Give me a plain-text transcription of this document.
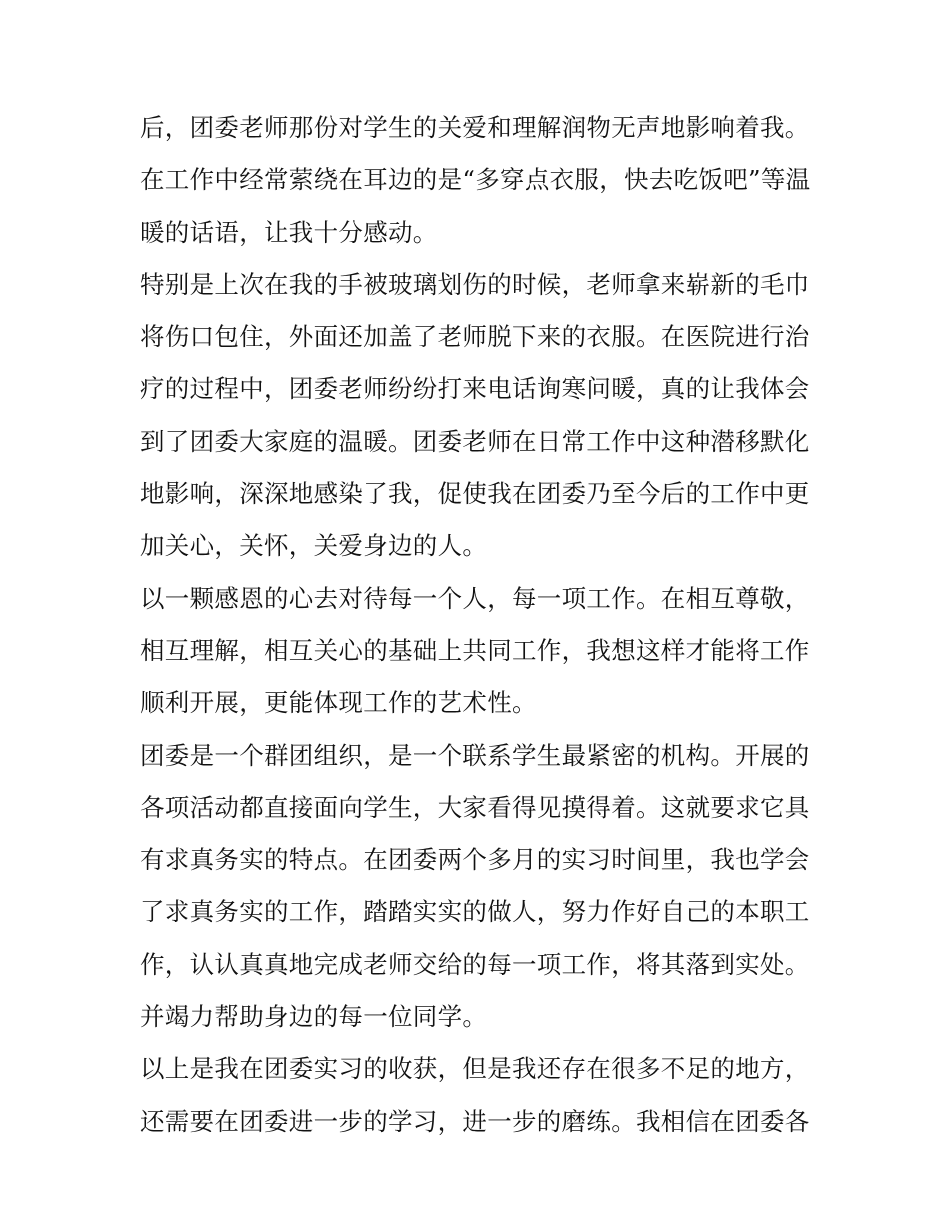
后，团委老师那份对学生的关爱和理解润物无声地影响着我。
在工作中经常萦绕在耳边的是“多穿点衣服，快去吃饭吧”等温
暖的话语，让我十分感动。
特别是上次在我的手被玻璃划伤的时候，老师拿来崭新的毛巾
将伤口包住，外面还加盖了老师脱下来的衣服。在医院进行治
疗的过程中，团委老师纷纷打来电话询寒问暖，真的让我体会
到了团委大家庭的温暖。团委老师在日常工作中这种潜移默化
地影响，深深地感染了我，促使我在团委乃至今后的工作中更
加关心，关怀，关爱身边的人。
以一颗感恩的心去对待每一个人，每一项工作。在相互尊敬，
相互理解，相互关心的基础上共同工作，我想这样才能将工作
顺利开展，更能体现工作的艺术性。
团委是一个群团组织，是一个联系学生最紧密的机构。开展的
各项活动都直接面向学生，大家看得见摸得着。这就要求它具
有求真务实的特点。在团委两个多月的实习时间里，我也学会
了求真务实的工作，踏踏实实的做人，努力作好自己的本职工
作，认认真真地完成老师交给的每一项工作，将其落到实处。
并竭力帮助身边的每一位同学。
以上是我在团委实习的收获，但是我还存在很多不足的地方，
还需要在团委进一步的学习，进一步的磨练。我相信在团委各
